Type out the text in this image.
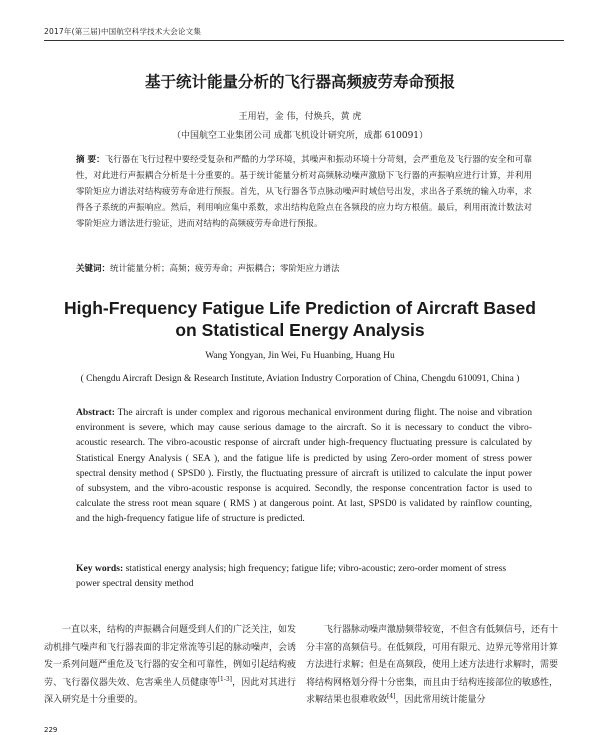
2017年(第三届)中国航空科学技术大会论文集
基于统计能量分析的飞行器高频疲劳寿命预报
王用岩，金 伟，付焕兵，黄 虎
（中国航空工业集团公司 成都飞机设计研究所，成都 610091）
摘 要：飞行器在飞行过程中要经受复杂和严酷的力学环境，其噪声和振动环境十分苛刻，会严重危及飞行器的安全和可靠性，对此进行声振耦合分析是十分重要的。基于统计能量分析对高频脉动噪声激励下飞行器的声振响应进行计算，并利用零阶矩应力谱法对结构疲劳寿命进行预报。首先，从飞行器各节点脉动噪声时域信号出发，求出各子系统的输入功率，求得各子系统的声振响应。然后，利用响应集中系数，求出结构危险点在各频段的应力均方根值。最后，利用雨流计数法对零阶矩应力谱法进行验证，进而对结构的高频疲劳寿命进行预报。
关键词：统计能量分析；高频；疲劳寿命；声振耦合；零阶矩应力谱法
High-Frequency Fatigue Life Prediction of Aircraft Based on Statistical Energy Analysis
Wang Yongyan, Jin Wei, Fu Huanbing, Huang Hu
( Chengdu Aircraft Design & Research Institute, Aviation Industry Corporation of China, Chengdu 610091, China )
Abstract: The aircraft is under complex and rigorous mechanical environment during flight. The noise and vibration environment is severe, which may cause serious damage to the aircraft. So it is necessary to conduct the vibro-acoustic research. The vibro-acoustic response of aircraft under high-frequency fluctuating pressure is calculated by Statistical Energy Analysis ( SEA ), and the fatigue life is predicted by using Zero-order moment of stress power spectral density method ( SPSD0 ). Firstly, the fluctuating pressure of aircraft is utilized to calculate the input power of subsystem, and the vibro-acoustic response is acquired. Secondly, the response concentration factor is used to calculate the stress root mean square ( RMS ) at dangerous point. At last, SPSD0 is validated by rainflow counting, and the high-frequency fatigue life of structure is predicted.
Key words: statistical energy analysis; high frequency; fatigue life; vibro-acoustic; zero-order moment of stress power spectral density method
一直以来，结构的声振耦合问题受到人们的广泛关注，如发动机排气噪声和飞行器表面的非定常流等引起的脉动噪声，会诱发一系列问题严重危及飞行器的安全和可靠性，例如引起结构疲劳、飞行器仪器失效、危害乘坐人员健康等[1-3]，因此对其进行深入研究是十分重要的。
飞行器脉动噪声激励频带较宽，不但含有低频信号，还有十分丰富的高频信号。在低频段，可用有限元、边界元等常用计算方法进行求解；但是在高频段，使用上述方法进行求解时，需要将结构网格划分得十分密集，而且由于结构连接部位的敏感性，求解结果也很难收敛[4]，因此常用统计能量分
229
